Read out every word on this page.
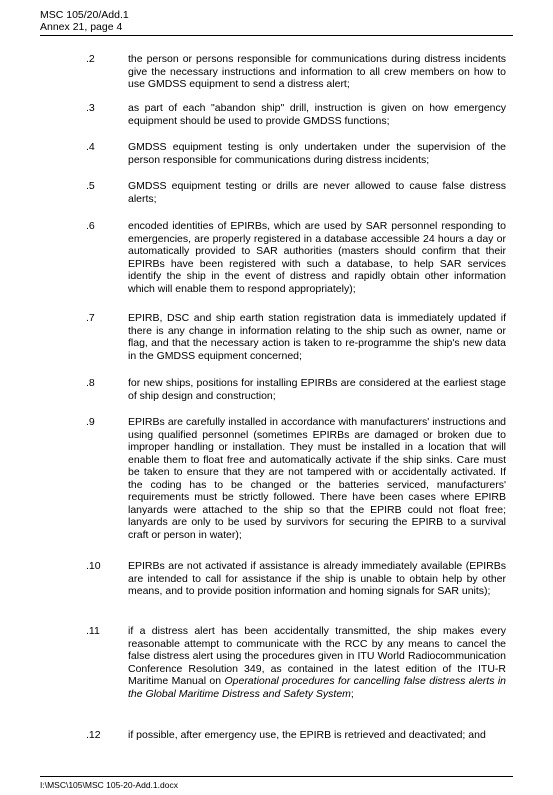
MSC 105/20/Add.1
Annex 21, page 4
.2	the person or persons responsible for communications during distress incidents give the necessary instructions and information to all crew members on how to use GMDSS equipment to send a distress alert;
.3	as part of each "abandon ship" drill, instruction is given on how emergency equipment should be used to provide GMDSS functions;
.4	GMDSS equipment testing is only undertaken under the supervision of the person responsible for communications during distress incidents;
.5	GMDSS equipment testing or drills are never allowed to cause false distress alerts;
.6	encoded identities of EPIRBs, which are used by SAR personnel responding to emergencies, are properly registered in a database accessible 24 hours a day or automatically provided to SAR authorities (masters should confirm that their EPIRBs have been registered with such a database, to help SAR services identify the ship in the event of distress and rapidly obtain other information which will enable them to respond appropriately);
.7	EPIRB, DSC and ship earth station registration data is immediately updated if there is any change in information relating to the ship such as owner, name or flag, and that the necessary action is taken to re-programme the ship's new data in the GMDSS equipment concerned;
.8	for new ships, positions for installing EPIRBs are considered at the earliest stage of ship design and construction;
.9	EPIRBs are carefully installed in accordance with manufacturers' instructions and using qualified personnel (sometimes EPIRBs are damaged or broken due to improper handling or installation. They must be installed in a location that will enable them to float free and automatically activate if the ship sinks. Care must be taken to ensure that they are not tampered with or accidentally activated. If the coding has to be changed or the batteries serviced, manufacturers' requirements must be strictly followed. There have been cases where EPIRB lanyards were attached to the ship so that the EPIRB could not float free; lanyards are only to be used by survivors for securing the EPIRB to a survival craft or person in water);
.10	EPIRBs are not activated if assistance is already immediately available (EPIRBs are intended to call for assistance if the ship is unable to obtain help by other means, and to provide position information and homing signals for SAR units);
.11	if a distress alert has been accidentally transmitted, the ship makes every reasonable attempt to communicate with the RCC by any means to cancel the false distress alert using the procedures given in ITU World Radiocommunication Conference Resolution 349, as contained in the latest edition of the ITU-R Maritime Manual on Operational procedures for cancelling false distress alerts in the Global Maritime Distress and Safety System;
.12	if possible, after emergency use, the EPIRB is retrieved and deactivated; and
I:\MSC\105\MSC 105-20-Add.1.docx
